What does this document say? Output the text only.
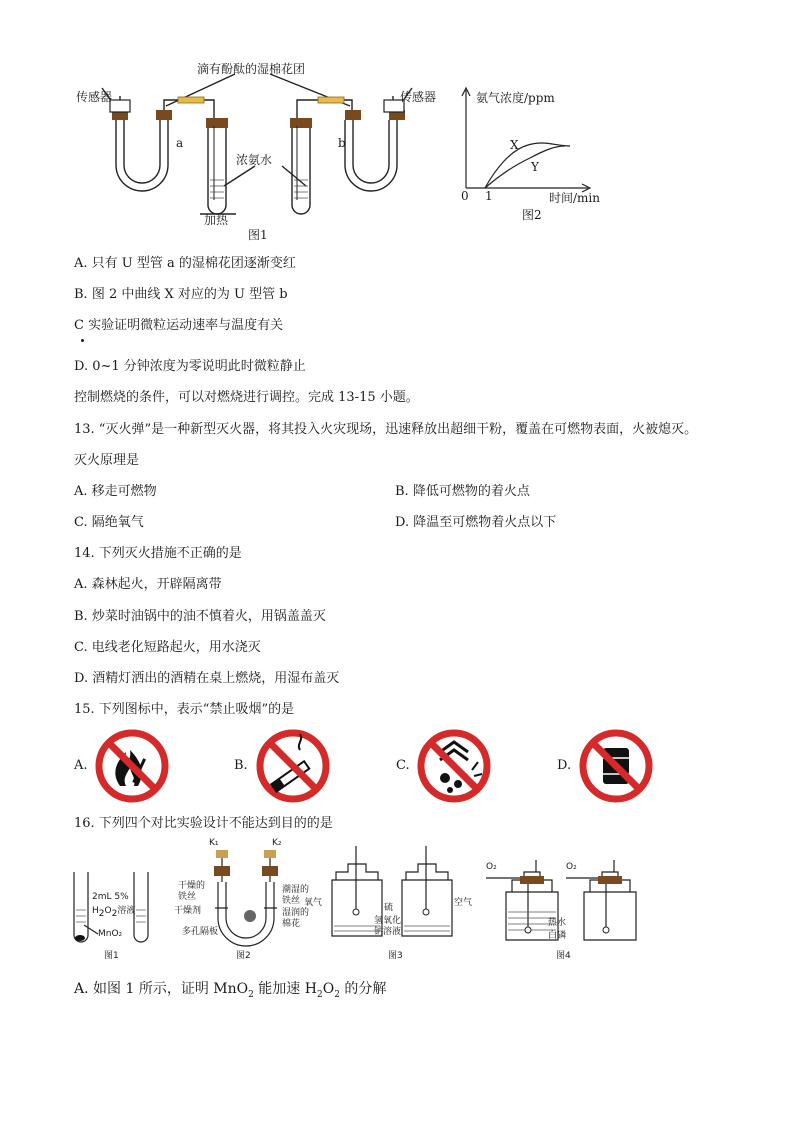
滴有酚酞的湿棉花团
传感器	传感器
a	b
浓氨水
加热
图1
氨气浓度/ppm
时间/min
0 1
X
Y
图2
A. 只有 U 型管 a 的湿棉花团逐渐变红
B. 图 2 中曲线 X 对应的为 U 型管 b
C 实验证明微粒运动速率与温度有关
D. 0~1 分钟浓度为零说明此时微粒静止
控制燃烧的条件，可以对燃烧进行调控。完成 13-15 小题。
13. “灭火弹”是一种新型灭火器，将其投入火灾现场，迅速释放出超细干粉，覆盖在可燃物表面，火被熄灭。
灭火原理是
A. 移走可燃物	B. 降低可燃物的着火点
C. 隔绝氧气	D. 降温至可燃物着火点以下
14. 下列灭火措施不正确的是
A. 森林起火，开辟隔离带
B. 炒菜时油锅中的油不慎着火，用锅盖盖灭
C. 电线老化短路起火，用水浇灭
D. 酒精灯洒出的酒精在桌上燃烧，用湿布盖灭
15. 下列图标中，表示“禁止吸烟”的是
A.	B.	C.	D.
16. 下列四个对比实验设计不能达到目的的是
2mL 5%
$H_2O_2$溶液
MnO₂
图1
K₁	K₂
干燥的
铁丝
干燥剂
多孔隔板
潮湿的
铁丝
湿润的
棉花
图2
氧气	硫
氢氧化
钠溶液
空气
图3
O₂	O₂
热水
白磷
图4
A. 如图 1 所示，证明 MnO$_2$ 能加速 $H_2O_2$ 的分解
